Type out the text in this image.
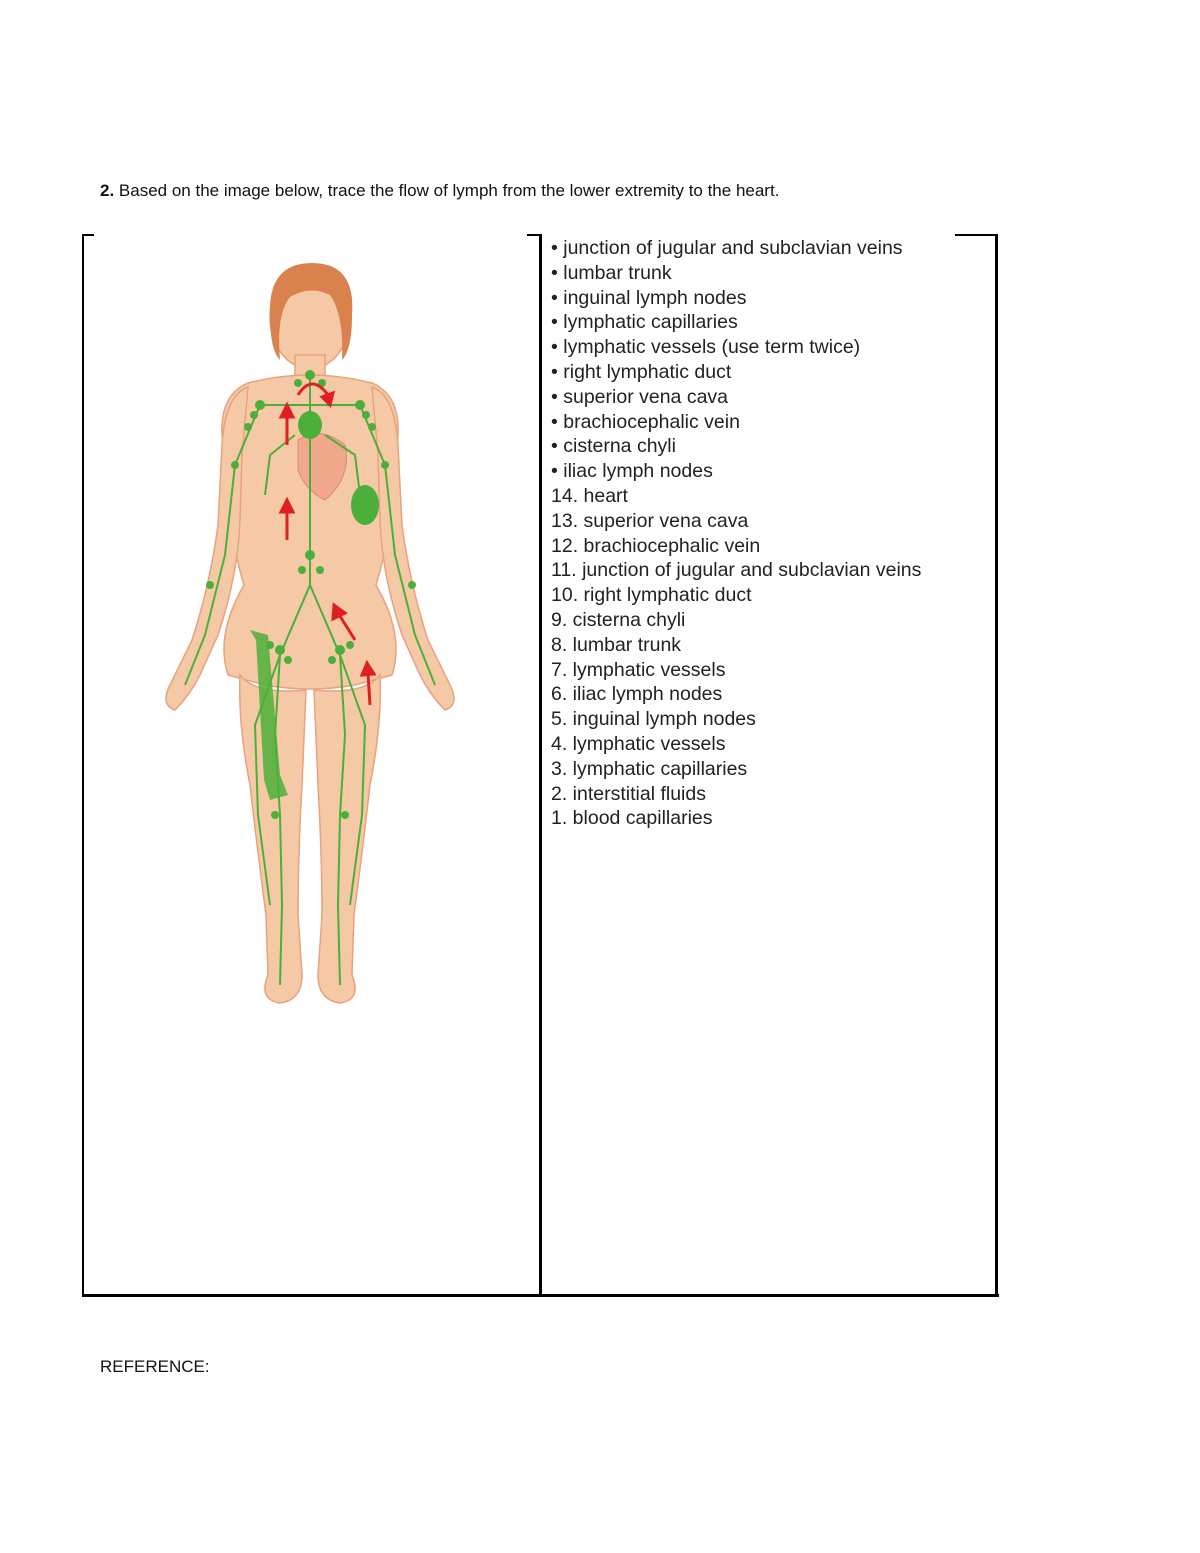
2. Based on the image below, trace the flow of lymph from the lower extremity to the heart.
• junction of jugular and subclavian veins
• lumbar trunk
• inguinal lymph nodes
• lymphatic capillaries
• lymphatic vessels (use term twice)
• right lymphatic duct
• superior vena cava
• brachiocephalic vein
• cisterna chyli
• iliac lymph nodes
14. heart
13. superior vena cava
12. brachiocephalic vein
11. junction of jugular and subclavian veins
10. right lymphatic duct
9. cisterna chyli
8. lumbar trunk
7. lymphatic vessels
6. iliac lymph nodes
5. inguinal lymph nodes
4. lymphatic vessels
3. lymphatic capillaries
2. interstitial fluids
1. blood capillaries
REFERENCE:
